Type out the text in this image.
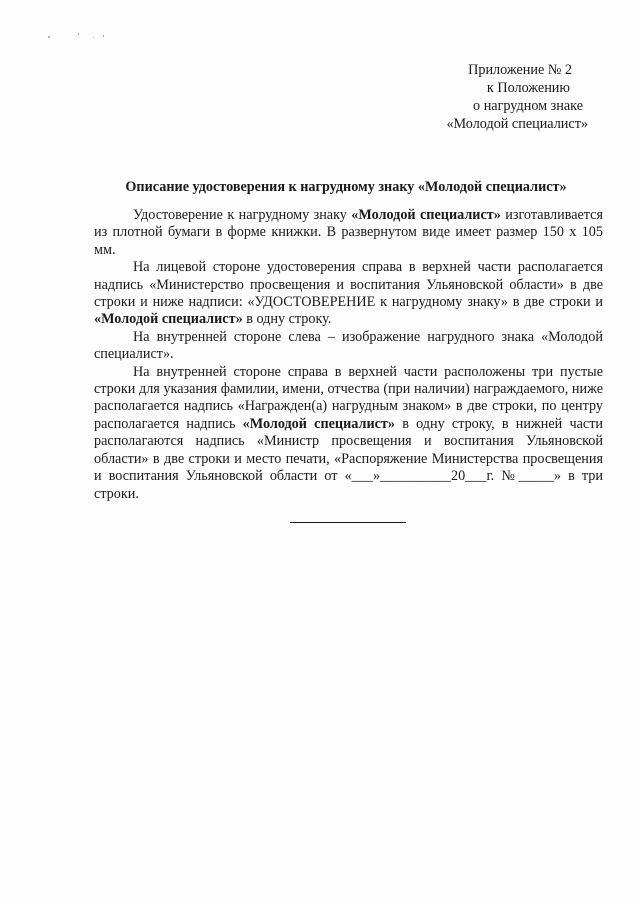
Приложение № 2
к Положению
о нагрудном знаке
«Молодой специалист»
Описание удостоверения к нагрудному знаку «Молодой специалист»

Удостоверение к нагрудному знаку «Молодой специалист» изготавливается из плотной бумаги в форме книжки. В развернутом виде имеет размер 150 x 105 мм.

На лицевой стороне удостоверения справа в верхней части располагается надпись «Министерство просвещения и воспитания Ульяновской области» в две строки и ниже надписи: «УДОСТОВЕРЕНИЕ к нагрудному знаку» в две строки и «Молодой специалист» в одну строку.

На внутренней стороне слева – изображение нагрудного знака «Молодой специалист».

На внутренней стороне справа в верхней части расположены три пустые строки для указания фамилии, имени, отчества (при наличии) награждаемого, ниже располагается надпись «Награжден(а) нагрудным знаком» в две строки, по центру располагается надпись «Молодой специалист» в одну строку, в нижней части располагаются надпись «Министр просвещения и воспитания Ульяновской области» в две строки и место печати, «Распоряжение Министерства просвещения и воспитания Ульяновской области от «___»__________20___г. №_____» в три строки.
